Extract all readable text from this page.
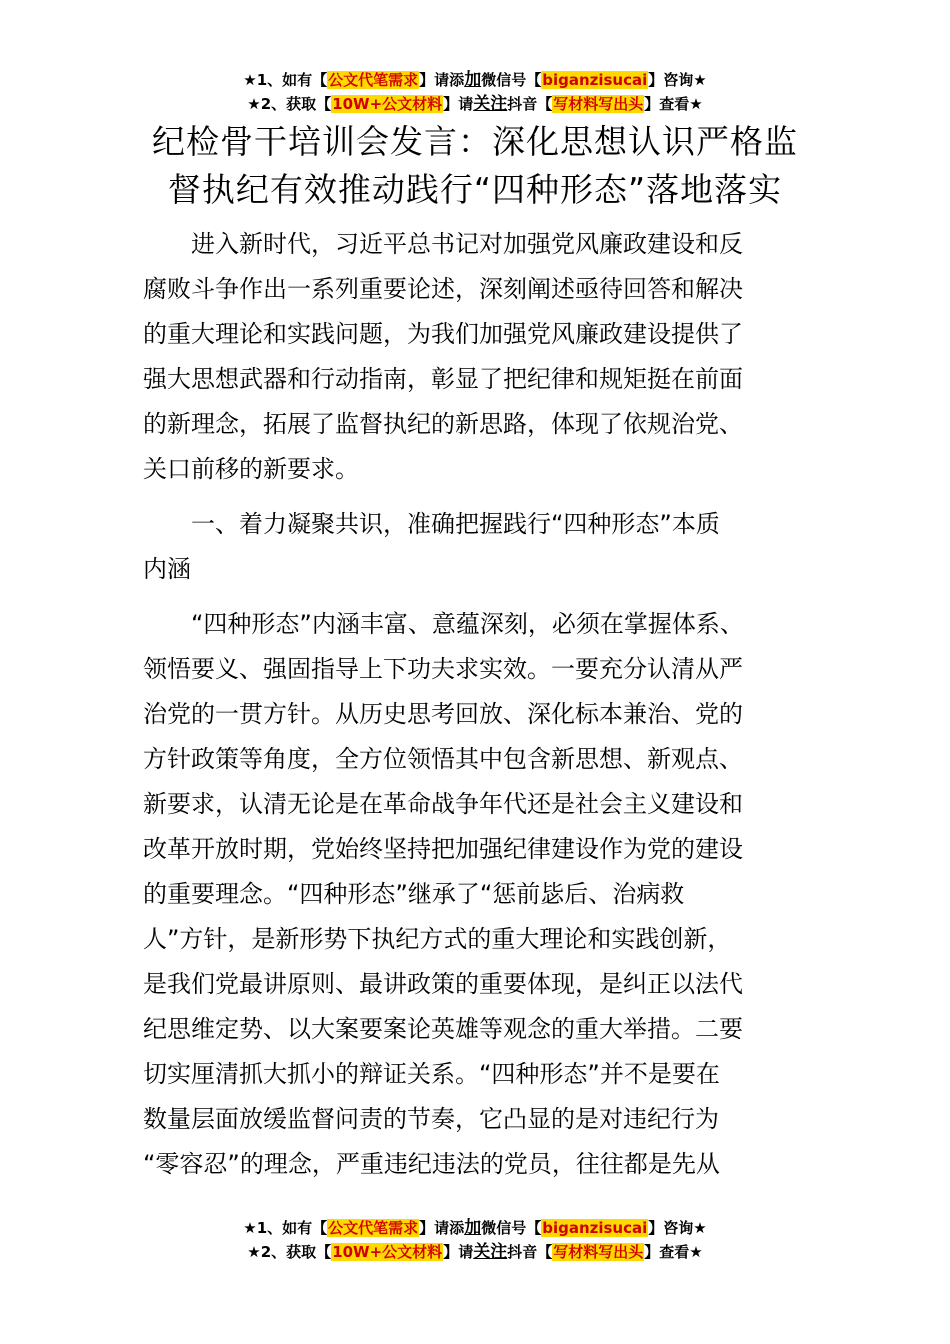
★1、如有【公文代笔需求】请添加微信号【biganzisucai】咨询★
★2、获取【10W+公文材料】请关注抖音【写材料写出头】查看★
纪检骨干培训会发言：深化思想认识严格监
督执纪有效推动践行“四种形态”落地落实
　　进入新时代，习近平总书记对加强党风廉政建设和反
腐败斗争作出一系列重要论述，深刻阐述亟待回答和解决
的重大理论和实践问题，为我们加强党风廉政建设提供了
强大思想武器和行动指南，彰显了把纪律和规矩挺在前面
的新理念，拓展了监督执纪的新思路，体现了依规治党、
关口前移的新要求。
　　一、着力凝聚共识，准确把握践行“四种形态”本质
内涵
　　“四种形态”内涵丰富、意蕴深刻，必须在掌握体系、
领悟要义、强固指导上下功夫求实效。一要充分认清从严
治党的一贯方针。从历史思考回放、深化标本兼治、党的
方针政策等角度，全方位领悟其中包含新思想、新观点、
新要求，认清无论是在革命战争年代还是社会主义建设和
改革开放时期，党始终坚持把加强纪律建设作为党的建设
的重要理念。“四种形态”继承了“惩前毖后、治病救
人”方针，是新形势下执纪方式的重大理论和实践创新，
是我们党最讲原则、最讲政策的重要体现，是纠正以法代
纪思维定势、以大案要案论英雄等观念的重大举措。二要
切实厘清抓大抓小的辩证关系。“四种形态”并不是要在
数量层面放缓监督问责的节奏，它凸显的是对违纪行为
“零容忍”的理念，严重违纪违法的党员，往往都是先从
★1、如有【公文代笔需求】请添加微信号【biganzisucai】咨询★
★2、获取【10W+公文材料】请关注抖音【写材料写出头】查看★
